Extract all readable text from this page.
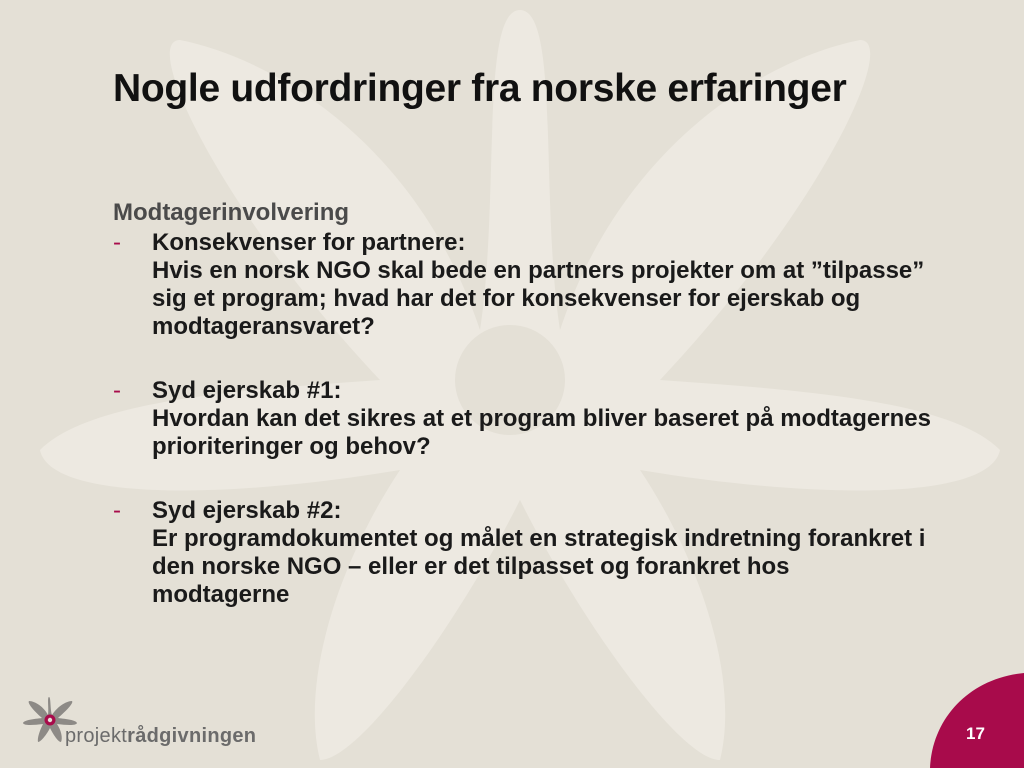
Nogle udfordringer fra norske erfaringer
Modtagerinvolvering
- Konsekvenser for partnere:
Hvis en norsk NGO skal bede en partners projekter om at ”tilpasse” sig et program; hvad har det for konsekvenser for ejerskab og modtageransvaret?
- Syd ejerskab #1:
Hvordan kan det sikres at et program bliver baseret på modtagernes prioriteringer og behov?
- Syd ejerskab #2:
Er programdokumentet og målet en strategisk indretning forankret i den norske NGO – eller er det tilpasset og forankret hos modtagerne
projektrådgivningen	17
